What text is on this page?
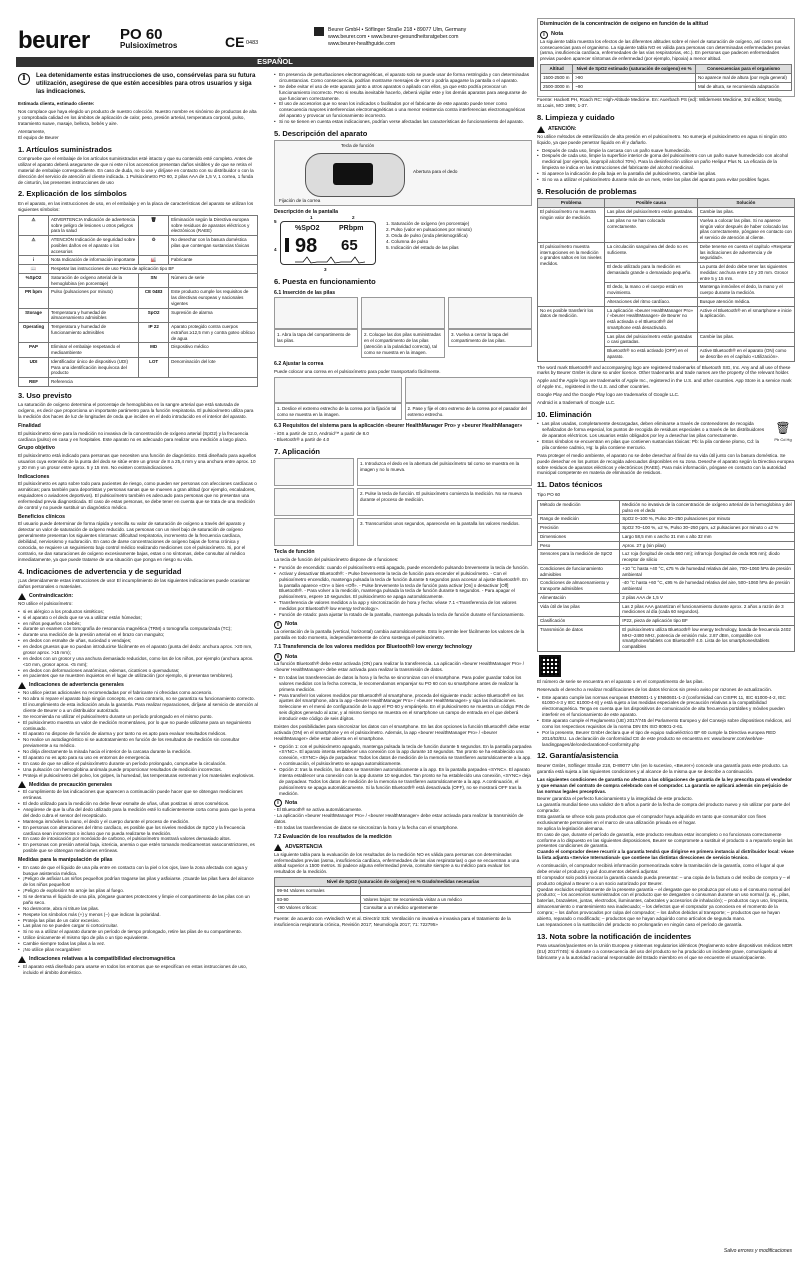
beurer PO 60
Pulsioxímetros	CE 0483
Beurer GmbH • Söflinger Straße 218 • 89077 Ulm, Germany
www.beurer.com • www.beurer-gesundheitsratgeber.com
www.beurer-healthguide.com
ESPAÑOL
i	Lea detenidamente estas instrucciones de uso, consérvelas para su futura utilización, asegúrese de que estén accesibles para otros usuarios y siga las indicaciones.

Estimada clienta, estimado cliente:

Nos complace que haya elegido un producto de nuestro colección. Nuestro nombre es sinónimo de productos de alta y comprobada calidad en los ámbitos de aplicación de calor, peso, presión arterial, temperatura corporal, pulso, tratamiento suave, masaje, belleza, bebés y aire.

Atentamente,
El equipo de Beurer

1. Artículos suministrados

Compruebe que el embalaje de los artículos suministrados esté intacto y que su contenido esté completo. Antes de utilizar el aparato deberá asegurarse de que ni este ni los accesorios presentan daños visibles y de que se retira el material de embalaje correspondiente. En caso de duda, no lo use y diríjase en contacto con su distribuidor o con la dirección del servicio de atención al cliente indicada. 1 Pulsioxímetro PO 60, 2 pilas AAA de 1,5 V, 1 correa, 1 funda de cinturón, las presentes instrucciones de uso

2. Explicación de los símbolos

En el aparato, en las instrucciones de uso, en el embalaje y en la placa de características del aparato se utilizan los siguientes símbolos:

⚠	ADVERTENCIA Indicación de advertencia sobre peligro de lesiones u otros peligros para la salud	🗑	Eliminación según la Directiva europea sobre residuos de aparatos eléctricos y electrónicos (RAEE)
⚠	ATENCIÓN Indicación de seguridad sobre posibles daños en el aparato o los accesorios	♲	No desechar con la basura doméstica pilas que contengan sustancias tóxicas
i	Nota Indicación de información importante	🏭	Fabricante
📖	Respetar las instrucciones de uso Pieza de aplicación tipo BF		
%SpO2	Saturación de oxígeno arterial de la hemoglobina (en porcentaje)	SN	Número de serie
PR bpm	Pulso (pulsaciones por minuto)	CE 0483	Este producto cumple los requisitos de las directivas europeas y nacionales vigentes
Storage	Temperatura y humedad de almacenamiento admisibles	SpO2	Supresión de alarma
Operating	Temperatura y humedad de funcionamiento admisibles	IP 22	Aparato protegido contra cuerpos extraños ≥12,5 mm y contra goteo oblicuo de agua
PAP	Eliminar el embalaje respetando el medioambiente	MD	Dispositivo médico
UDI	Identificador único de dispositivo (UDI) Para una identificación inequívoca del producto	LOT	Denominación del lote
REF	Referencia		
3. Uso previsto

La saturación de oxígeno determina el porcentaje de hemoglobina en la sangre arterial que está saturada de oxígeno, es decir que proporciona un importante parámetro para la función respiratoria. El pulsioxímetro utiliza para la medición dos haces de luz de longitudes de onda que inciden en el dedo introducido en el interior del aparato.

Finalidad

El pulsioxímetro sirve para la medición no invasiva de la concentración de oxígeno arterial (SpO2) y la frecuencia cardíaca (pulso) en casa y en hospitales. Este aparato no es adecuado para realizar una medición a largo plazo.

Grupo objetivo

El pulsioxímetro está indicado para personas que necesiten una función de diagnóstico. Está diseñado para aquellos usuarios cuya extensión de la punta del dedo se sitúe entre un grosor de 8 a 25,4 mm y una anchura entre aprox. 10 y 20 mm y un grosor entre aprox. 5 y 15 mm. No existen contraindicaciones.

Indicaciones

El pulsioxímetro es apto sobre todo para pacientes de riesgo, como pueden ser personas con afecciones cardíacas o asmáticas; para también para deportistas y personas sanas que se mueven a gran altitud (por ejemplo, escaladores, esquiadores o aviadores deportivos). El pulsioxímetro también es adecuado para personas que no presentan una enfermedad previa diagnosticada. El caso de estas personas, se debe tener en cuenta que se trata de una medición de control y no puede sustituir un diagnóstico médico.

Beneficios clínicos

El usuario puede determinar de forma rápida y sencilla su valor de saturación de oxígeno a través del aparato y detectar un valor de saturación de oxígeno reducido. Las personas con un nivel bajo de saturación de oxígeno generalmente presentan los siguientes síntomas: dificultad respiratoria, incremento de la frecuencia cardíaca, debilidad, nerviosismo y sudoración. En caso de darse concentraciones de oxígeno bajas de forma crónica y conocida, se requiere un seguimiento bajo control médico realizando mediciones con el pulsioxímetro. Si, por el contrario, se dan saturaciones de oxígeno excesivamente bajas, estas o no síntomas, debe consultar al médico inmediatamente, ya que puede tratarse de una situación que ponga en riesgo su vida.

4. Indicaciones de advertencia y de seguridad

¡Las detenidamente estas instrucciones de uso! El incumplimiento de las siguientes indicaciones puede ocasionar daños personales o materiales.

Contraindicación:

NO utilice el pulsioxímetro:

• si es alérgico a los productos sintéticos;
• si el aparato o el dedo que se va a utilizar están húmedos;
• en niños pequeños o bebés;
• durante un examen con tomografía de resonancia magnética (TRM) o tomografía computarizada (TC);
• durante una medición de la presión arterial en el brazo con manguito;
• en dedos con esmalte de uñas, suciedad o vendajes;
• en dedos gruesos que no puedan introducirse fácilmente en el aparato (punta del dedo: anchura aprox. >20 mm, grosor aprox. >15 mm);
• en dedos con un grosor y una anchura demasiado reducidos, como los de los niños, por ejemplo (anchura aprox. <10 mm, grosor aprox. <5 mm);
• en dedos con deformaciones anatómicas, edemas, cicatrices o quemaduras;
• en pacientes que se muestren inquietos en el lugar de utilización (por ejemplo, si presentan temblores).
Indicaciones de advertencia generales
• No utilice piezas adicionales no recomendadas por el fabricante ni ofrecidas como accesorio.
• No abra ni repare el aparato bajo ningún concepto, en caso contrario, no se garantiza su funcionamiento correcto. El incumplimiento de esta indicación anula la garantía. Para realizar reparaciones, diríjase al servicio de atención al cliente de Beurer o a un distribuidor autorizado.
• Se recomienda no utilizar el pulsioxímetro durante un período prolongado en el mismo punto.
• El pulsioxímetro muestra un valor de medición momentáneo, por lo que no puede utilizarse para un seguimiento continuado.
• El aparato no dispone de función de alarma y por tanto no es apto para evaluar resultados médicos.
• No realice un autodiagnóstico ni se autotratamiento en función de los resultados de medición sin consultar previamente a su médico.
• No dirija directamente la mirada hacia el interior de la carcasa durante la medición.
• El aparato no es apto para su uso en entornos de emergencia.
• En caso de que se utilice el pulsioxímetro durante un período prolongado, compruebe la circulación.
• Una pulsación con hemoglobina anómala puede proporcionar resultados de medición incorrectos.
• Proteja el pulsioxímetro del polvo, los golpes, la humedad, las temperaturas extremas y los materiales explosivos.
Medidas de precaución generales
• El cumplimiento de las indicaciones que aparecen a continuación puede hacer que se obtengan mediciones erróneas.
• El dedo utilizado para la medición no debe llevar esmalte de uñas, uñas postizas ni otros cosméticos.
• Asegúrese de que la uña del dedo utilizado para la medición esté lo suficientemente corta como para que la yema del dedo cubra el sensor del receptáculo.
• Mantenga inmóviles la mano, el dedo y el cuerpo durante el proceso de medición.
• En personas con alteraciones del ritmo cardíaco, es posible que los niveles medidos de SpO2 y la frecuencia cardíaca sean incorrectos o incluso que no pueda realizarse la medición.
• En caso de intoxicación por monóxido de carbono, el pulsioxímetro mostrará valores demasiado altos.
• En personas con presión arterial baja, ictericia, anemia o que estén tomando medicamentos vasoconstrictores, es posible que se obtengan mediciones erróneas.
Medidas para la manipulación de pilas
• En caso de que el líquido de una pila entre en contacto con la piel o los ojos, lave la zona afectada con agua y busque asistencia médica.
• ¡Peligro de asfixia! Los niños pequeños podrían tragarse las pilas y asfixiarse. ¡Guarde las pilas fuera del alcance de los niños pequeños!
• ¡Peligro de explosión! No arroje las pilas al fuego.
• Si se derrama el líquido de una pila, póngase guantes protectores y limpie el compartimento de las pilas con un paño seco.
• No desmonte, abra ni triture las pilas.
• Respete los símbolos más (+) y menos (−) que indican la polaridad.
• Proteja las pilas de un calor excesivo.
• Las pilas no se pueden cargar ni cortocircuitar.
• Si no va a utilizar el aparato durante un período de tiempo prolongado, retire las pilas de su compartimento.
• Utilice únicamente el mismo tipo de pila o un tipo equivalente.
• Cambie siempre todas las pilas a la vez.
• ¡No utilice pilas recargables!
Indicaciones relativas a la compatibilidad electromagnética
• El aparato está diseñado para usarse en todos los entornos que se especifican en estas instrucciones de uso, incluido el ámbito doméstico.
• En presencia de perturbaciones electromagnéticas, el aparato solo se puede usar de forma restringida y con determinadas circunstancias. Como consecuencia, podrían mostrarse mensajes de error o podría apagarse la pantalla o el aparato.
• Se debe evitar el uso de este aparato junto a otros aparatos o apilado con ellos, ya que esto podría provocar un funcionamiento incorrecto. Pero si resulta inevitable hacerlo, deberá vigilar este y los demás aparatos para asegurarse de que funcionen correctamente.
• El uso de accesorios que no sean los indicados o facilitados por el fabricante de este aparato puede tener como consecuencia mayores interferencias electromagnéticas o una menor resistencia contra interferencias electromagnéticas del aparato y provocar un funcionamiento incorrecto.
• Si no se tienen en cuenta estas indicaciones, podrían verse afectadas las características de funcionamiento del aparato.
5. Descripción del aparato
Tecla de función
Abertura para el dedo
Fijación de la correa
Descripción de la pantalla
%SpO2	PRbpm
98 65
5
1	2
3
4
1. Saturación de oxígeno (en porcentaje)
2. Pulso (valor en pulsaciones por minuto)
3. Onda de pulso (onda pletismográfica)
4. Columna de pulso
5. Indicación del estado de las pilas
6. Puesta en funcionamiento
6.1 Inserción de las pilas
1. Abra la tapa del compartimento de las pilas.
2. Coloque las dos pilas suministradas en el compartimento de las pilas (atención a la polaridad correcta), tal como se muestra en la imagen.
3. Vuelva a cerrar la tapa del compartimento de las pilas.
6.2 Ajustar la correa

Puede colocar una correa en el pulsioxímetro para poder transportarlo fácilmente.

1. Deslice el extremo estrecho de la correa por la fijación tal como se muestra en la imagen.
2. Pase y fije el otro extremo de la correa por el pasador del extremo estrecho.
6.3 Requisitos del sistema para la aplicación «beurer HealthManager Pro» y «beurer HealthManager»
- iOS a partir de 12.0, Android™ a partir de 8.0
- Bluetooth® a partir de 4.0
7. Aplicación
1. Introduzca el dedo en la abertura del pulsioxímetro tal como se muestra en la imagen y no lo mueva.
2. Pulse la tecla de función. El pulsioxímetro comienza la medición. No se mueva durante el proceso de medición.
3. Transcurridos unos segundos, aparecerán en la pantalla los valores medidos.
Tecla de función

La tecla de función del pulsioxímetro dispone de 4 funciones:

• Función de encendido: cuando el pulsioxímetro está apagado, puede encenderlo pulsando brevemente la tecla de función.
• Activar y desactivar Bluetooth®: - Pulse brevemente la tecla de función para encender el pulsioxímetro. - Con el pulsioxímetro encendido, mantenga pulsada la tecla de función durante 5 segundos para accesar al ajuste Bluetooth®. En la pantalla aparece «On» o bien «Off». - Pulse brevemente la tecla de función para activar [On] o desactivar [Off] Bluetooth®. - Para volver a la medición, mantenga pulsada la tecla de función durante 5 segundos. - Para apagar el pulsioxímetro, espere 10 segundos. El pulsioxímetro se apaga automáticamente.
• Transferencia de valores medidos a la app y sincronización de hora y fecha: véase 7.1 «Transferencia de los valores medidos por Bluetooth® low energy technology».
• Función de rotado: para ajustar la rotado de la pantalla, mantenga pulsada la tecla de función durante el funcionamiento.
i	Nota

La orientación de la pantalla (vertical, horizontal) cambia automáticamente. Esto le permite leer fácilmente los valores de la pantalla en todo momento, independientemente de cómo sostenga el pulsioxímetro.

7.1 Transferencia de los valores medidos por Bluetooth® low energy technology
i	Nota

La función Bluetooth® debe estar activada (ON) para realizar la transferencia. La aplicación «beurer HealthManager Pro» / «beurer HealthManager» debe estar activada para realizar la transmisión de datos.

• En todas las transferencias de datos la hora y la fecha se sincronizan con el smartphone. Para poder guardar todos los valores medidos con la fecha correcta, le recomendamos emparejar su PO 60 con su smartphone antes de realizar la primera medición.
• Para transferir los valores medidos por Bluetooth® al smartphone, proceda del siguiente modo: active Bluetooth® en los ajustes del smartphone, abra la app «beurer HealthManager Pro» / «beurer HealthManager» y siga las indicaciones. Seleccione en el menú de configuración de la app el PO 60 y empárejelo. En el pulsioxímetro se muestra un código PIN de seis dígitos generado al azar, y al mismo tiempo se muestra en el smartphone un campo de entrada en el que deberá introducir este código de seis dígitos.

Existen dos posibilidades para sincronizar los datos con el smartphone. En las dos opciones la función Bluetooth® debe estar activada (ON) en el smartphone y en el pulsioxímetro. Además, la app «beurer HealthManager Pro» / «beurer HealthManager» debe estar abierta en el smartphone.

• Opción 1: con el pulsioxímetro apagado, mantenga pulsada la tecla de función durante 5 segundos. En la pantalla parpadea «SYNC». El aparato intenta establecer una conexión con la app durante 10 segundos. Tan pronto se ha establecido una conexión, «SYNC» deja de parpadear. Todos los datos de medición de la memoria se transfieren automáticamente a la app. A continuación, el pulsioxímetro se apaga automáticamente.
• Opción 2: tras la medición, los datos se transmiten automáticamente a la app. En la pantalla parpadea «SYNC». El aparato intenta establecer una conexión con la app durante 10 segundos. Tan pronto se ha establecido una conexión, «SYNC» deja de parpadear. Todos los datos de medición de la memoria se transfieren automáticamente a la app. A continuación, el pulsioxímetro se apaga automáticamente. Si la función Bluetooth® está desactivada (OFF), no se mostrará OFF tras la medición.
i	Nota
- El Bluetooth® se activa automáticamente.
- La aplicación «beurer HealthManager Pro» / «beurer HealthManager» debe estar activada para realizar la transmisión de datos.
- En todas las transferencias de datos se sincronizan la hora y la fecha con el smartphone.
7.2 Evaluación de los resultados de la medición
ADVERTENCIA

La siguiente tabla para la evaluación de los resultados de la medición NO es válida para personas con determinadas enfermedades previas (asma, insuficiencia cardíaca, enfermedades de las vías respiratorias) o que se encuentran a una altitud superior a 1500 metros. Si padece alguna enfermedad previa, consulte siempre a su médico para evaluar los resultados de la medición.

Nivel de SpO2 (saturación de oxígeno) en % Grado/medidas necesarias	
99-94 Valores normales	
93-90	Valores bajos: Se recomienda visitar a un médico
<90 Valores críticos:	Consultar a un médico urgentemente

Fuente: de acuerdo con «Windisch W et al. Directriz S2k: Ventilación no invasiva e invasiva para el tratamiento de la insuficiencia respiratoria crónica, Revisión 2017; Neumología 2017; 71: 722795»

Disminución de la concentración de oxígeno en función de la altitud
i	Nota

La siguiente tabla muestra los efectos de las diferentes altitudes sobre el nivel de saturación de oxígeno, así como sus consecuencias para el organismo. La siguiente tabla NO es válida para personas con determinadas enfermedades previas (asma, insuficiencia cardíaca, enfermedades de las vías respiratorias, etc.). En personas que padecen enfermedades previas pueden aparecer síntomas de enfermedad (por ejemplo, hipoxia) a menor altitud.

Altitud	Nivel de SpO2 estimado (saturación de oxígeno) en %	Consecuencias para el organismo
1500-2500 m	>90	No aparece mal de altura (por regla general)
2500-3000 m	~90	Mal de altura, se recomienda adaptación

Fuente: Hackett PH, Roach RC: High-Altitude Medicine. En: Auerbach PS (ed): Wilderness Medicine, 3rd edition; Mosby, St.Louis, MO 1995; 1-37.

8. Limpieza y cuidado
ATENCIÓN:

No utilice métodos de esterilización de alta presión en el pulsioxímetro. No sumerja el pulsioxímetro en agua ni ningún otro líquido, ya que puede penetrar líquido en él y dañarlo.

• Después de cada uso, limpie la carcasa con un paño suave humedecido.
• Después de cada uso, limpie la superficie interior de goma del pulsioxímetro con un paño suave humedecido con alcohol medicinal (por ejemplo, isopropil alcohol 70%). Para la desinfección utilice un paño Helipur Plus N. La eficacia de la limpieza se indica en las instrucciones del fabricante del alcohol medicinal.
• Si aparece la indicación de pila baja en la pantalla del pulsioxímetro, cambie las pilas.
• Si no va a utilizar el pulsioxímetro durante más de un mes, retire las pilas del aparato para evitar posibles fugas.
9. Resolución de problemas
Problema	Posible causa	Solución
El pulsioxímetro no muestra ningún valor de medición.	Las pilas del pulsioxímetro están gastadas.	Cambie las pilas.
	Las pilas no se han colocado correctamente.	Vuelva a colocar las pilas. Si no aparece ningún valor después de haber colocado las pilas correctamente, póngase en contacto con el servicio de atención al cliente.
El pulsioxímetro muestra interrupciones en la medición o grandes saltos en los niveles medidos.	La circulación sanguínea del dedo no es suficiente.	Debe tenerse en cuenta el capítulo «Respetar las indicaciones de advertencia y de seguridad».
	El dedo utilizado para la medición es demasiado grande o demasiado pequeño.	La punta del dedo debe tener las siguientes medidas: anchura entre 10 y 20 mm. Grosor entre 5 y 15 mm.
	El dedo, la mano o el cuerpo están en movimiento.	Mantenga inmóviles el dedo, la mano y el cuerpo durante la medición.
	Alteraciones del ritmo cardíaco.	Busque atención médica.
No es posible transferir los datos de medición.	La aplicación «beurer HealthManager Pro» / «beurer HealthManager» de Beurer no está activada o el Bluetooth® del smartphone está desactivado.	Active el Bluetooth® en el smartphone e inicie la aplicación.
	Las pilas del pulsioxímetro están gastadas o casi gastadas.	Cambie las pilas.
	Bluetooth® no está activado (OFF) en el aparato.	Active Bluetooth® en el aparato (ON) como se describe en el capítulo «Utilización».

The word mark Bluetooth® and accompanying logo are registered trademarks of Bluetooth SIG, Inc. Any and all use of these marks by Beurer GmbH is done so under licence. Other trademarks and trade names are the property of the relevant holder.

Apple and the Apple logo are trademarks of Apple Inc., registered in the U.S. and other countries. App Store is a service mark of Apple Inc., registered in the U.S. and other countries.

Google Play and the Google Play logo are trademarks of Google LLC.

Android is a trademark of Google LLC.

10. Eliminación
• Las pilas usadas, completamente descargadas, deben eliminarse a través de contenedores de recogida señalizados de forma especial, los puntos de recogida de residuos especiales o a través de los distribuidores de aparatos eléctricos. Los usuarios están obligados por ley a desechar las pilas correctamente.
• Estos símbolos se encuentran en pilas que contienen sustancias tóxicas: Pb: la pila contiene plomo, Cd: la pila contiene cadmio, Hg: la pila contiene mercurio.
🗑
Pb Cd Hg

Para proteger el medio ambiente, el aparato no se debe desechar al final de su vida útil junto con la basura doméstica. Se puede desechar en los puntos de recogida adecuados disponibles en su zona. Deseche el aparato según la Directiva europea sobre residuos de aparatos eléctricos y electrónicos (RAEE). Para más información, póngase en contacto con la autoridad municipal competente en materia de eliminación de residuos.

11. Datos técnicos

Tipo PO 60

Método de medición	Medición no invasiva de la concentración de oxígeno arterial de la hemoglobina y del pulso en el dedo
Rango de medición	SpO2 0–100 %, Pulso 30–250 pulsaciones por minuto
Precisión	SpO2 70–100 %, ±2 %, Pulso 30–250 ppm, ±2 pulsaciones por minuto o ±2 %
Dimensiones	Largo 58,5 mm x ancho 31 mm x alto 32 mm
Peso	Aprox. 27 g (sin pilas)
Sensores para la medición de SpO2	Luz roja (longitud de onda 660 nm); infrarrojo (longitud de onda 905 nm); diodo receptor de silicio
Condiciones de funcionamiento admisibles	+10 °C hasta +40 °C, ≤75 % de humedad relativa del aire, 700–1060 hPa de presión ambiental
Condiciones de almacenamiento y transporte admisibles	-40 °C hasta +60 °C, ≤95 % de humedad relativa del aire, 500–1060 hPa de presión ambiental
Alimentación	2 pilas AAA de 1,5 V
Vida útil de las pilas	Las 2 pilas AAA garantizan el funcionamiento durante aprox. 2 años a razón de 3 mediciones al día (cada 60 segundos).
Clasificación	IP22, pieza de aplicación tipo BF
Transmisión de datos	El pulsioxímetro utiliza Bluetooth® low energy technology, banda de frecuencia 2402 MHz–2480 MHz, potencia de emisión máx. 2.87 dBm, compatible con smartphones/tablets con Bluetooth® 4.0. Lista de los smartphones/tablets compatibles

El número de serie se encuentra en el aparato o en el compartimento de las pilas.

Reservado el derecho a realizar modificaciones de los datos técnicos sin previo aviso por razones de actualización.

• Este aparato cumple las normas europeas EN60601-1 y EN60601-1-2 (conformidad con CISPR 11, IEC 61000-4-2, IEC 61000-4-3 y IEC 61000-4-8) y está sujeto a las medidas especiales de precaución relativas a la compatibilidad electromagnética. Tenga en cuenta que los dispositivos de comunicación de alta frecuencia portátiles y móviles pueden interferir en el funcionamiento de este aparato.
• Este aparato cumple el Reglamento (UE) 2017/745 del Parlamento Europeo y del Consejo sobre dispositivos médicos, así como los respectivos requisitos de la norma DIN EN ISO 80601-2-61.
• Por la presente, Beurer GmbH declara que el tipo de equipo radioeléctrico BF 60 cumple la Directiva europea RED 2014/53/EU. La declaración de conformidad CE de este producto se encuentra en: www.beurer.com/web/we-landingpages/de/cedeclarationof-conformity.php
12. Garantía/asistencia

Beurer GmbH, Söflinger Straße 218, D-89077 Ulm (en lo sucesivo, «Beurer») concede una garantía para este producto. La garantía está sujeta a las siguientes condiciones y al alcance de la misma que se describe a continuación.

Las siguientes condiciones de garantía no afectan a las obligaciones de garantía de la ley prescrita para el vendedor y que emanan del contrato de compra celebrado con el comprador. La garantía se aplicará además sin perjuicio de las normas legales preceptivas.

Beurer garantiza el perfecto funcionamiento y la integridad de este producto.
La garantía mundial tiene una validez de 5 años a partir de la fecha de compra del producto nuevo y sin utilizar por parte del comprador.
Esta garantía se ofrece solo para productos que el comprador haya adquirido en tanto que consumidor con fines exclusivamente personales en el marco de una utilización privada en el hogar.
Se aplica la legislación alemana.
En caso de que, durante el período de garantía, este producto resultara estar incompleto o no funcionara correctamente conforme a lo dispuesto en las siguientes disposiciones, Beurer se compromete a sustituir el producto o a repararlo según las presentes condiciones de garantía.

Cuando el comprador desee recurrir a la garantía tendrá que dirigirse en primera instancia al distribuidor local: véase la lista adjunta «Service International» que contiene las distintas direcciones de servicio técnico.

A continuación, el comprador recibirá información pormenorizada sobre la tramitación de la garantía, como el lugar al que debe enviar el producto y qué documentos deberá adjuntar.
El comprador solo podrá invocar la garantía cuando pueda presentar: – una copia de la factura o del recibo de compra y – el producto original a Beurer o a un socio autorizado por Beurer.
Quedan excluidos explícitamente de la presente garantía – el desgaste que se produzca por el uso o el consumo normal del producto; – los accesorios suministrados con el producto que se desgasten o consuman durante un uso normal (p. ej., pilas, baterías, brazaletes, juntas, electrodos, iluminantes, cabezales y accesorios de inhalación); – productos cuyo uso, limpieza, almacenamiento o mantenimiento sea inadecuado; – los defectos que el comprador ya conociera en el momento de la compra; – los daños provocados por culpa del comprador; – los daños debidos al transporte; – productos que se hayan abierto, reparado o modificado; – productos que se hayan adquirido como artículos de segunda mano.
Las reparaciones o la sustitución del producto no prolongarán en ningún caso el período de garantía.
13. Nota sobre la notificación de incidentes

Para usuarios/pacientes en la Unión Europea y sistemas regulatorios idénticos (Reglamento sobre dispositivos médicos MDR (EU) 2017/745): si durante o a consecuencia del uso del producto se ha producido un incidente grave, comuníquelo al fabricante y a la autoridad nacional responsable del Estado miembro en el que se encuentre el usuario/paciente.

Salvo errores y modificaciones
